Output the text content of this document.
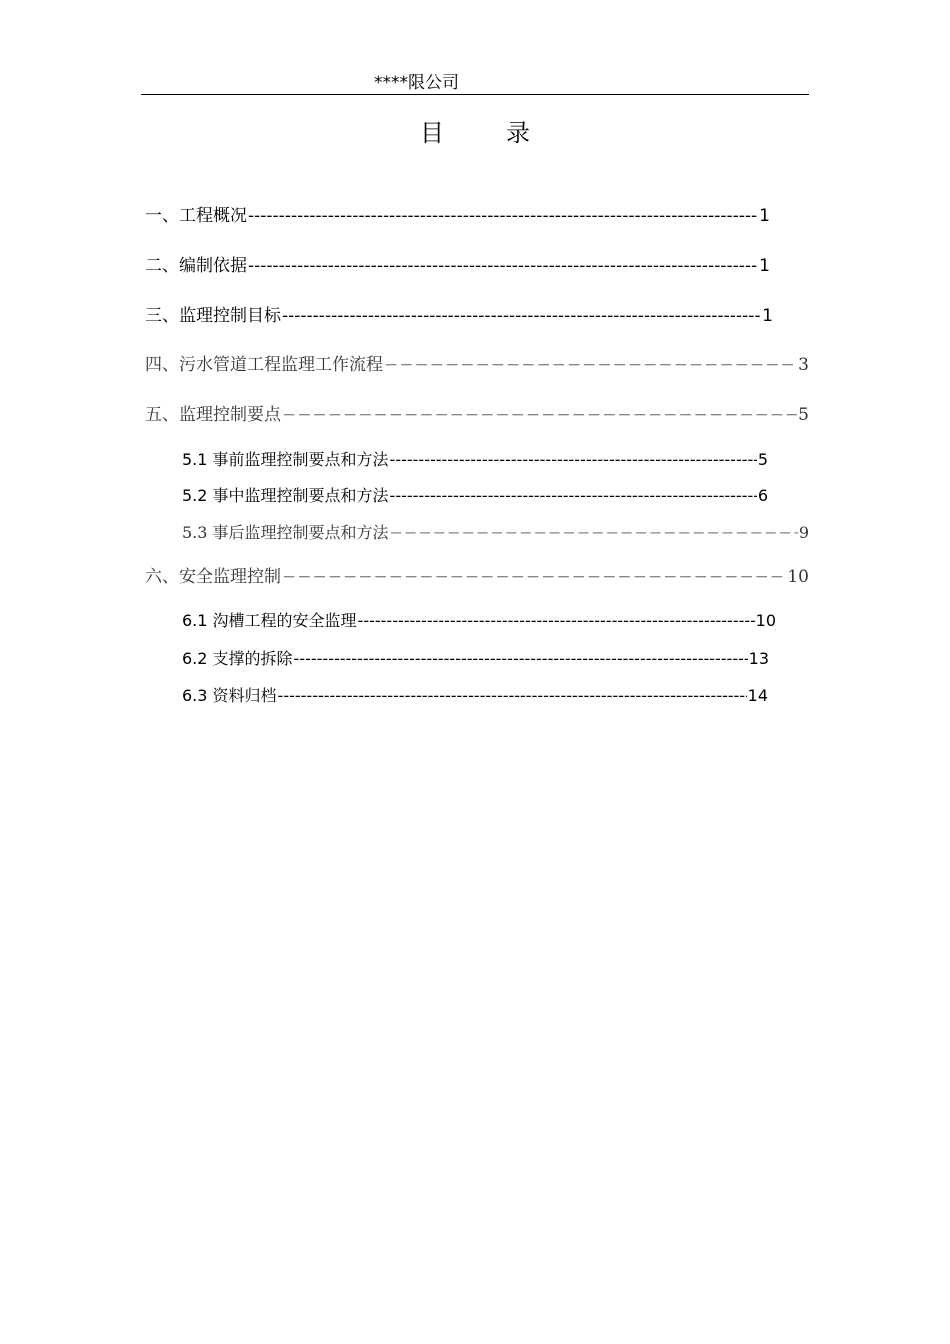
****限公司
目	录
一、工程概况 -----	1
二、编制依据 -----	1
三、监理控制目标 -----	1
四、污水管道工程监理工作流程 −−−−−−−−−−−−−−−−−−−−−−−−−−−−−−−−−−−−−−−−−−−−−−−−−−−−−−−−−−−−−−−−−−−−−−−−−−−−−−−−−−−−−−−−−−−	3
五、监理控制要点 −−−−−−−−−−−−−−−−−−−−−−−−−−−−−−−−−−−−−−−−−−−−−−−−−−−−−−−−−−−−−−−−−−−−−−−−−−−−−−−−−−−−−−−−−−−	5
5.1 事前监理控制要点和方法 -----	5
5.2 事中监理控制要点和方法 -----	6
5.3 事后监理控制要点和方法 −−−−−−−−−−−−−−−−−−−−−−−−−−−−−−−−−−−−−−−−−−−−−−−−−−−−−−−−−−−−−−−−−−−−−−−−−−−−−−−−−−−−−−−−−−−	9
六、安全监理控制 −−−−−−−−−−−−−−−−−−−−−−−−−−−−−−−−−−−−−−−−−−−−−−−−−−−−−−−−−−−−−−−−−−−−−−−−−−−−−−−−−−−−−−−−−−−	10
6.1 沟槽工程的安全监理 -----	10
6.2 支撑的拆除 -----	13
6.3 资料归档 -----	14
